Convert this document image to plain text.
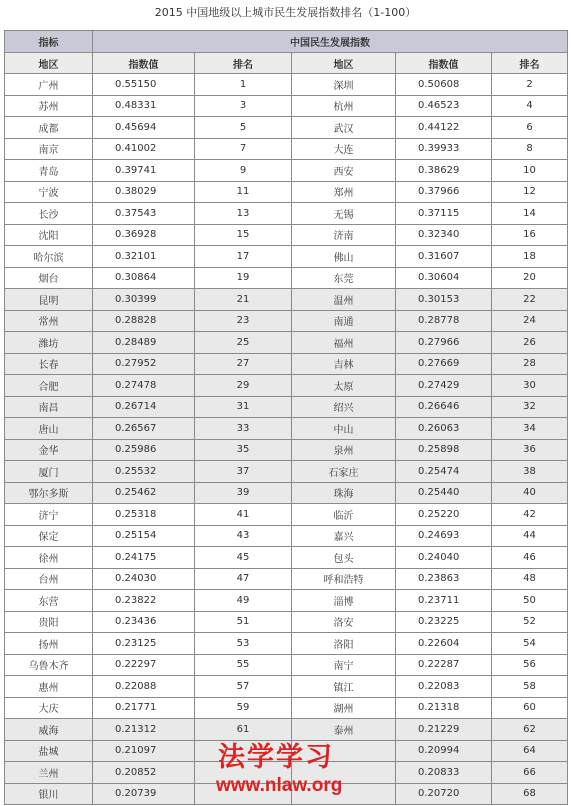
2015 中国地级以上城市民生发展指数排名（1-100）
指标	中国民生发展指数				
地区	指数值	排名	地区	指数值	排名
广州	0.55150	1	深圳	0.50608	2
苏州	0.48331	3	杭州	0.46523	4
成都	0.45694	5	武汉	0.44122	6
南京	0.41002	7	大连	0.39933	8
青岛	0.39741	9	西安	0.38629	10
宁波	0.38029	11	郑州	0.37966	12
长沙	0.37543	13	无锡	0.37115	14
沈阳	0.36928	15	济南	0.32340	16
哈尔滨	0.32101	17	佛山	0.31607	18
烟台	0.30864	19	东莞	0.30604	20
昆明	0.30399	21	温州	0.30153	22
常州	0.28828	23	南通	0.28778	24
潍坊	0.28489	25	福州	0.27966	26
长春	0.27952	27	吉林	0.27669	28
合肥	0.27478	29	太原	0.27429	30
南昌	0.26714	31	绍兴	0.26646	32
唐山	0.26567	33	中山	0.26063	34
金华	0.25986	35	泉州	0.25898	36
厦门	0.25532	37	石家庄	0.25474	38
鄂尔多斯	0.25462	39	珠海	0.25440	40
济宁	0.25318	41	临沂	0.25220	42
保定	0.25154	43	嘉兴	0.24693	44
徐州	0.24175	45	包头	0.24040	46
台州	0.24030	47	呼和浩特	0.23863	48
东营	0.23822	49	淄博	0.23711	50
贵阳	0.23436	51	洛安	0.23225	52
扬州	0.23125	53	洛阳	0.22604	54
乌鲁木齐	0.22297	55	南宁	0.22287	56
惠州	0.22088	57	镇江	0.22083	58
大庆	0.21771	59	湖州	0.21318	60
威海	0.21312	61	泰州	0.21229	62
盐城	0.21097			0.20994	64
兰州	0.20852			0.20833	66
银川	0.20739			0.20720	68
法学学习
www.nlaw.org
